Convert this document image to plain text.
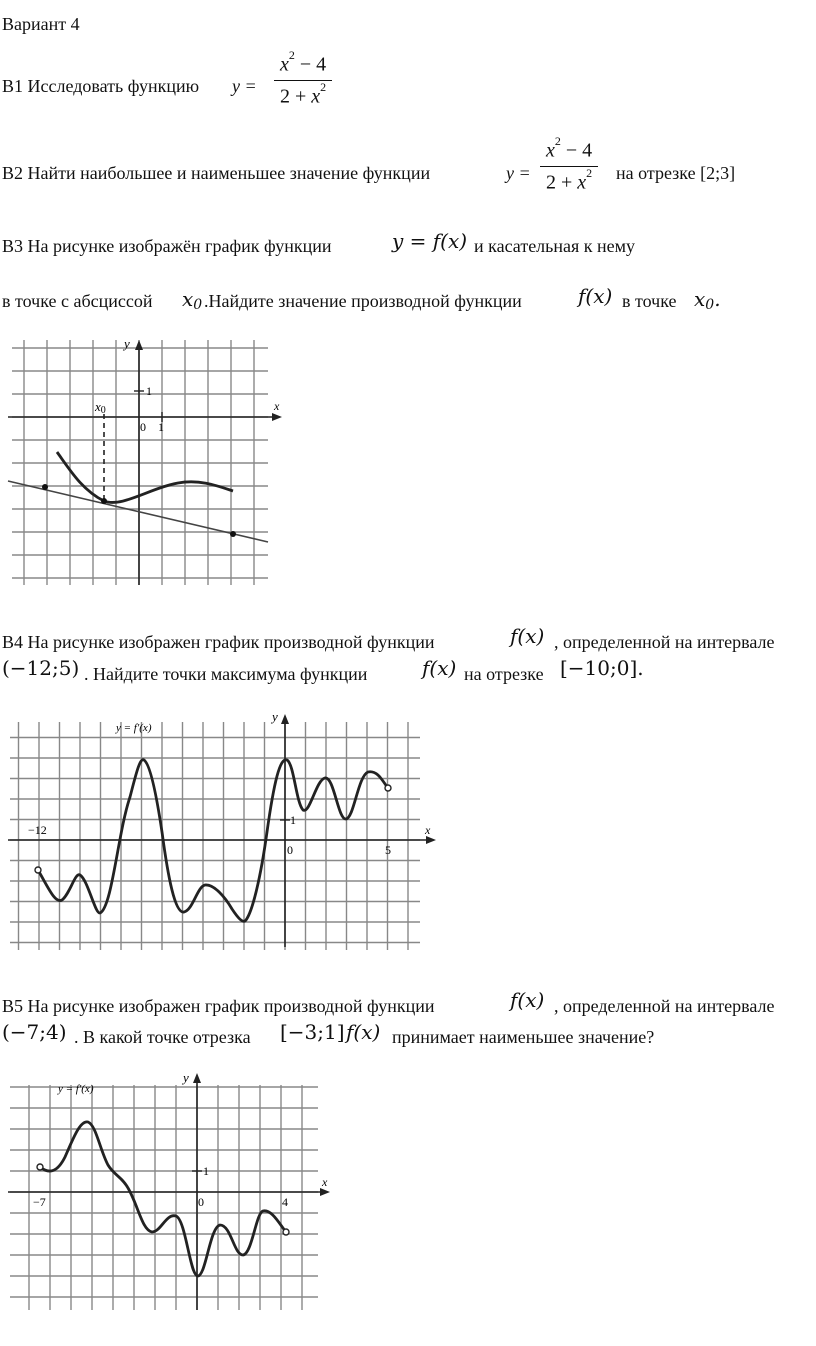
Вариант 4
В1 Исследовать функцию y =
$x^2 - 4$
$2 + x^2$
В2 Найти наибольшее и наименьшее значение функции	y =
$x^2 - 4$
$2 + x^2$	на отрезке [2;3]
В3 На рисунке изображён график функции	y = f(x) и касательная к нему
в точке с абсциссой x0 .Найдите значение производной функции	f(x) в точке x0.
y
x
1
1
0
x0
В4 На рисунке изображен график производной функции	f(x) , определенной на интервале
(−12;5) . Найдите точки максимума функции	f(x) на отрезке [−10;0].
y = f′(x)
y
x
1
0
−12
5
В5 На рисунке изображен график производной функции	f(x) , определенной на интервале
(−7;4) . В какой точке отрезка [−3;1] f(x) принимает наименьшее значение?
y = f′(x)
y
x
1
0
−7	4
